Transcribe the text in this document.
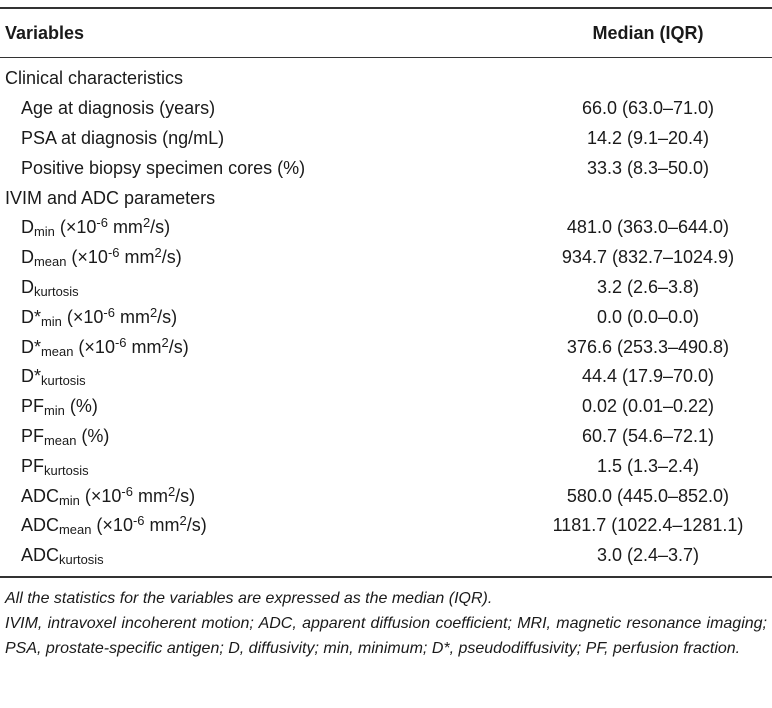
Variables	Median (IQR)
Clinical characteristics
Age at diagnosis (years)	66.0 (63.0–71.0)
PSA at diagnosis (ng/mL)	14.2 (9.1–20.4)
Positive biopsy specimen cores (%)	33.3 (8.3–50.0)
IVIM and ADC parameters
$D_{min}$ ($\times 10^{-6}$ $mm^2/s$)	481.0 (363.0–644.0)
$D_{mean}$ ($\times 10^{-6}$ $mm^2/s$)	934.7 (832.7–1024.9)
$D_{kurtosis}$	3.2 (2.6–3.8)
$D*_{min}$ ($\times 10^{-6}$ $mm^2/s$)	0.0 (0.0–0.0)
$D*_{mean}$ ($\times 10^{-6}$ $mm^2/s$)	376.6 (253.3–490.8)
$D*_{kurtosis}$	44.4 (17.9–70.0)
$PF_{min}$ (%)	0.02 (0.01–0.22)
$PF_{mean}$ (%)	60.7 (54.6–72.1)
$PF_{kurtosis}$	1.5 (1.3–2.4)
$ADC_{min}$ ($\times 10^{-6}$ $mm^2/s$)	580.0 (445.0–852.0)
$ADC_{mean}$ ($\times 10^{-6}$ $mm^2/s$)	1181.7 (1022.4–1281.1)
$ADC_{kurtosis}$	3.0 (2.4–3.7)

All the statistics for the variables are expressed as the median (IQR).

IVIM, intravoxel incoherent motion; ADC, apparent diffusion coefficient; MRI, magnetic resonance imaging; PSA, prostate-specific antigen; D, diffusivity; min, minimum; D*, pseudodiffusivity; PF, perfusion fraction.
